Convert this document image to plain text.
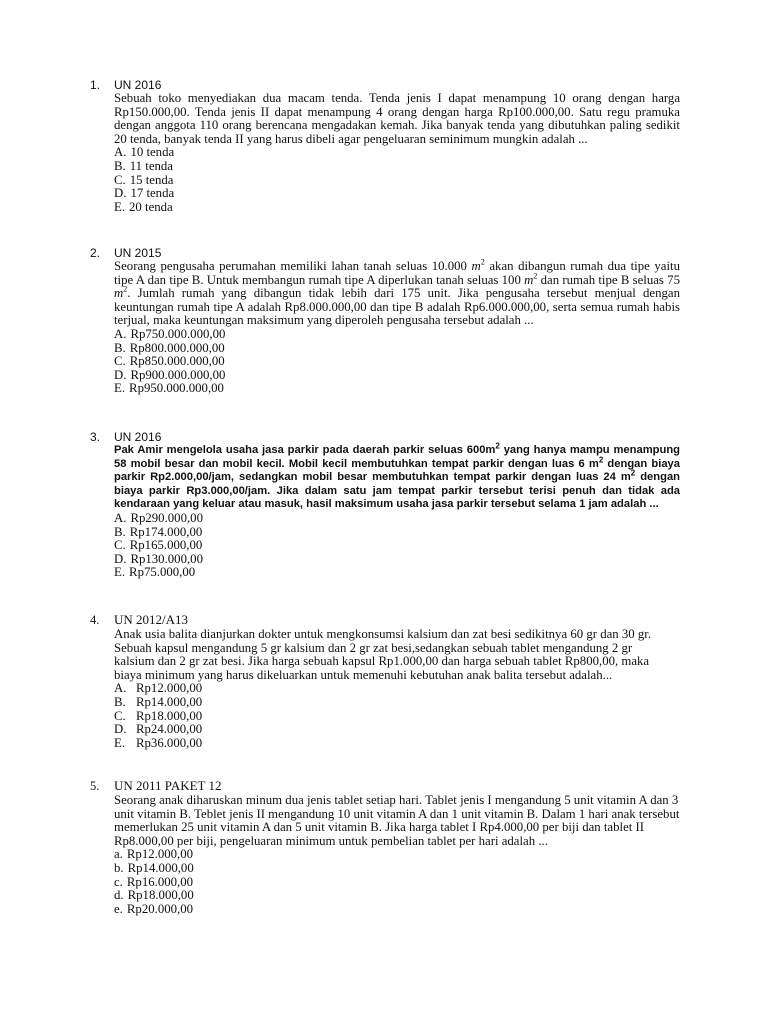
1.	UN 2016
Sebuah toko menyediakan dua macam tenda. Tenda jenis I dapat menampung 10 orang dengan harga Rp150.000,00. Tenda jenis II dapat menampung 4 orang dengan harga Rp100.000,00. Satu regu pramuka dengan anggota 110 orang berencana mengadakan kemah. Jika banyak tenda yang dibutuhkan paling sedikit 20 tenda, banyak tenda II yang harus dibeli agar pengeluaran seminimum mungkin adalah ...
A. 10 tenda
B. 11 tenda
C. 15 tenda
D. 17 tenda
E. 20 tenda
2.	UN 2015
Seorang pengusaha perumahan memiliki lahan tanah seluas 10.000 $m^2$ akan dibangun rumah dua tipe yaitu tipe A dan tipe B. Untuk membangun rumah tipe A diperlukan tanah seluas 100 $m^2$ dan rumah tipe B seluas 75 $m^2$. Jumlah rumah yang dibangun tidak lebih dari 175 unit. Jika pengusaha tersebut menjual dengan keuntungan rumah tipe A adalah Rp8.000.000,00 dan tipe B adalah Rp6.000.000,00, serta semua rumah habis terjual, maka keuntungan maksimum yang diperoleh pengusaha tersebut adalah ...
A. Rp750.000.000,00
B. Rp800.000.000,00
C. Rp850.000.000,00
D. Rp900.000.000,00
E. Rp950.000.000,00
3.	UN 2016
Pak Amir mengelola usaha jasa parkir pada daerah parkir seluas $600m^2$ yang hanya mampu menampung 58 mobil besar dan mobil kecil. Mobil kecil membutuhkan tempat parkir dengan luas 6 $m^2$ dengan biaya parkir Rp2.000,00/jam, sedangkan mobil besar membutuhkan tempat parkir dengan luas 24 $m^2$ dengan biaya parkir Rp3.000,00/jam. Jika dalam satu jam tempat parkir tersebut terisi penuh dan tidak ada kendaraan yang keluar atau masuk, hasil maksimum usaha jasa parkir tersebut selama 1 jam adalah ...
A. Rp290.000,00
B. Rp174.000,00
C. Rp165.000,00
D. Rp130.000,00
E. Rp75.000,00
4.	UN 2012/A13
Anak usia balita dianjurkan dokter untuk mengkonsumsi kalsium dan zat besi sedikitnya 60 gr dan 30 gr. Sebuah kapsul mengandung 5 gr kalsium dan 2 gr zat besi,sedangkan sebuah tablet mengandung 2 gr kalsium dan 2 gr zat besi. Jika harga sebuah kapsul Rp1.000,00 dan harga sebuah tablet Rp800,00, maka biaya minimum yang harus dikeluarkan untuk memenuhi kebutuhan anak balita tersebut adalah...
A. Rp12.000,00
B. Rp14.000,00
C. Rp18.000,00
D. Rp24.000,00
E. Rp36.000,00
5.	UN 2011 PAKET 12
Seorang anak diharuskan minum dua jenis tablet setiap hari. Tablet jenis I mengandung 5 unit vitamin A dan 3 unit vitamin B. Teblet jenis II mengandung 10 unit vitamin A dan 1 unit vitamin B. Dalam 1 hari anak tersebut memerlukan 25 unit vitamin A dan 5 unit vitamin B. Jika harga tablet I Rp4.000,00 per biji dan tablet II Rp8.000,00 per biji, pengeluaran minimum untuk pembelian tablet per hari adalah ...
a. Rp12.000,00
b. Rp14.000,00
c. Rp16.000,00
d. Rp18.000,00
e. Rp20.000,00
